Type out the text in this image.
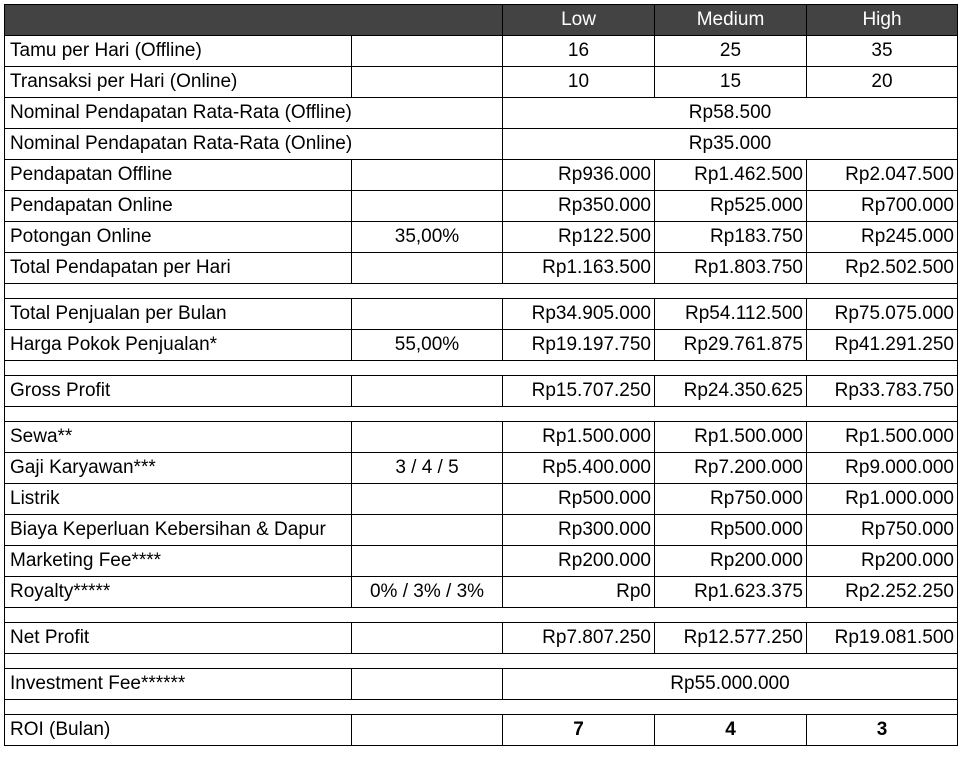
		Low	Medium	High
Tamu per Hari (Offline)		16	25	35
Transaksi per Hari (Online)		10	15	20
Nominal Pendapatan Rata-Rata (Offline)		Rp58.500		
Nominal Pendapatan Rata-Rata (Online)		Rp35.000		
Pendapatan Offline		Rp936.000	Rp1.462.500	Rp2.047.500
Pendapatan Online		Rp350.000	Rp525.000	Rp700.000
Potongan Online	35,00%	Rp122.500	Rp183.750	Rp245.000
Total Pendapatan per Hari		Rp1.163.500	Rp1.803.750	Rp2.502.500

Total Penjualan per Bulan		Rp34.905.000	Rp54.112.500	Rp75.075.000
Harga Pokok Penjualan*	55,00%	Rp19.197.750	Rp29.761.875	Rp41.291.250

Gross Profit		Rp15.707.250	Rp24.350.625	Rp33.783.750

Sewa**		Rp1.500.000	Rp1.500.000	Rp1.500.000
Gaji Karyawan***	3 / 4 / 5	Rp5.400.000	Rp7.200.000	Rp9.000.000
Listrik		Rp500.000	Rp750.000	Rp1.000.000
Biaya Keperluan Kebersihan & Dapur		Rp300.000	Rp500.000	Rp750.000
Marketing Fee****		Rp200.000	Rp200.000	Rp200.000
Royalty*****	0% / 3% / 3%	Rp0	Rp1.623.375	Rp2.252.250

Net Profit		Rp7.807.250	Rp12.577.250	Rp19.081.500

Investment Fee******		Rp55.000.000		

ROI (Bulan)		7	4	3
